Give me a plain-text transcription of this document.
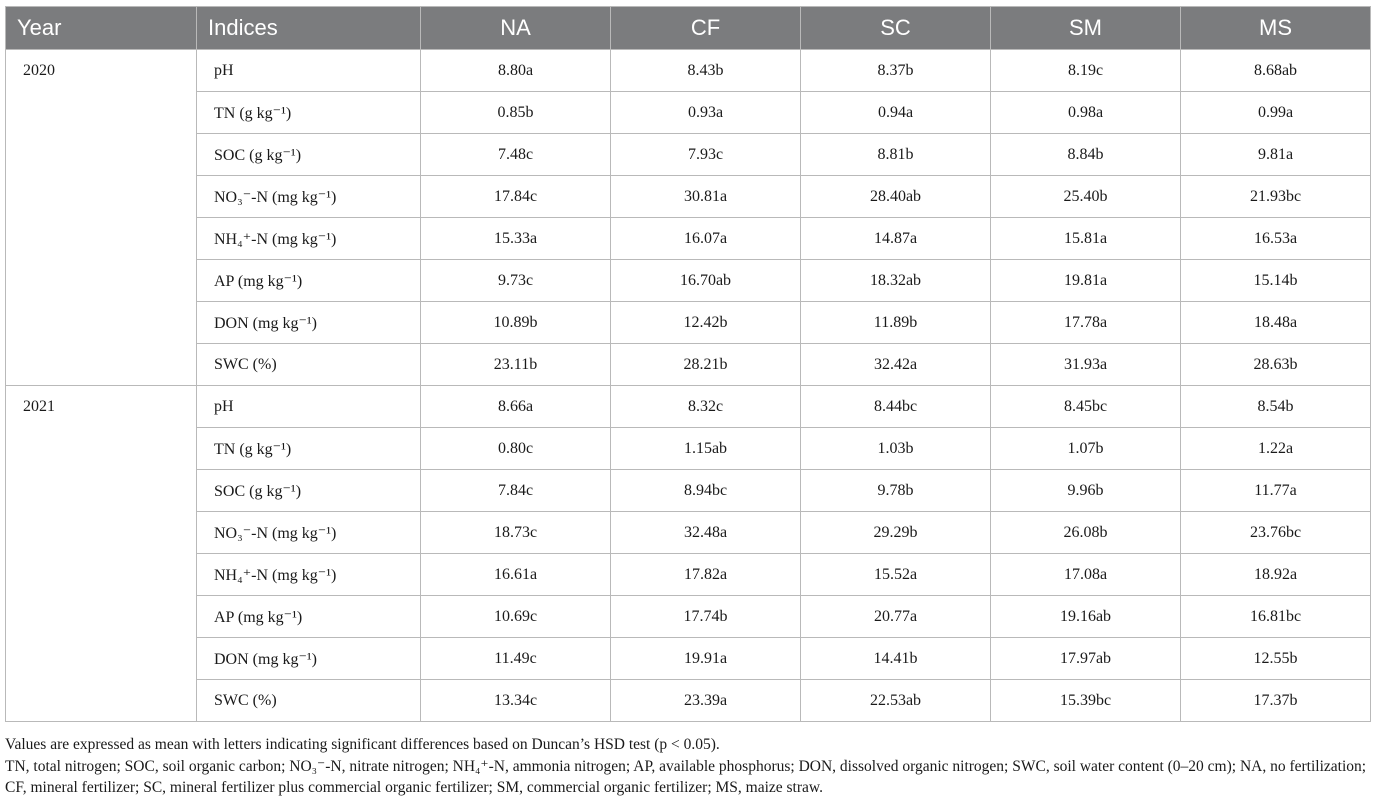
Year	Indices	NA	CF	SC	SM	MS
2020	pH	8.80a	8.43b	8.37b	8.19c	8.68ab
	TN (g kg⁻¹)	0.85b	0.93a	0.94a	0.98a	0.99a
	SOC (g kg⁻¹)	7.48c	7.93c	8.81b	8.84b	9.81a
	NO₃⁻-N (mg kg⁻¹)	17.84c	30.81a	28.40ab	25.40b	21.93bc
	NH₄⁺-N (mg kg⁻¹)	15.33a	16.07a	14.87a	15.81a	16.53a
	AP (mg kg⁻¹)	9.73c	16.70ab	18.32ab	19.81a	15.14b
	DON (mg kg⁻¹)	10.89b	12.42b	11.89b	17.78a	18.48a
	SWC (%)	23.11b	28.21b	32.42a	31.93a	28.63b
2021	pH	8.66a	8.32c	8.44bc	8.45bc	8.54b
	TN (g kg⁻¹)	0.80c	1.15ab	1.03b	1.07b	1.22a
	SOC (g kg⁻¹)	7.84c	8.94bc	9.78b	9.96b	11.77a
	NO₃⁻-N (mg kg⁻¹)	18.73c	32.48a	29.29b	26.08b	23.76bc
	NH₄⁺-N (mg kg⁻¹)	16.61a	17.82a	15.52a	17.08a	18.92a
	AP (mg kg⁻¹)	10.69c	17.74b	20.77a	19.16ab	16.81bc
	DON (mg kg⁻¹)	11.49c	19.91a	14.41b	17.97ab	12.55b
	SWC (%)	13.34c	23.39a	22.53ab	15.39bc	17.37b

Values are expressed as mean with letters indicating significant differences based on Duncan’s HSD test (p < 0.05).

TN, total nitrogen; SOC, soil organic carbon; NO₃⁻-N, nitrate nitrogen; NH₄⁺-N, ammonia nitrogen; AP, available phosphorus; DON, dissolved organic nitrogen; SWC, soil water content (0–20 cm); NA, no fertilization; CF, mineral fertilizer; SC, mineral fertilizer plus commercial organic fertilizer; SM, commercial organic fertilizer; MS, maize straw.
